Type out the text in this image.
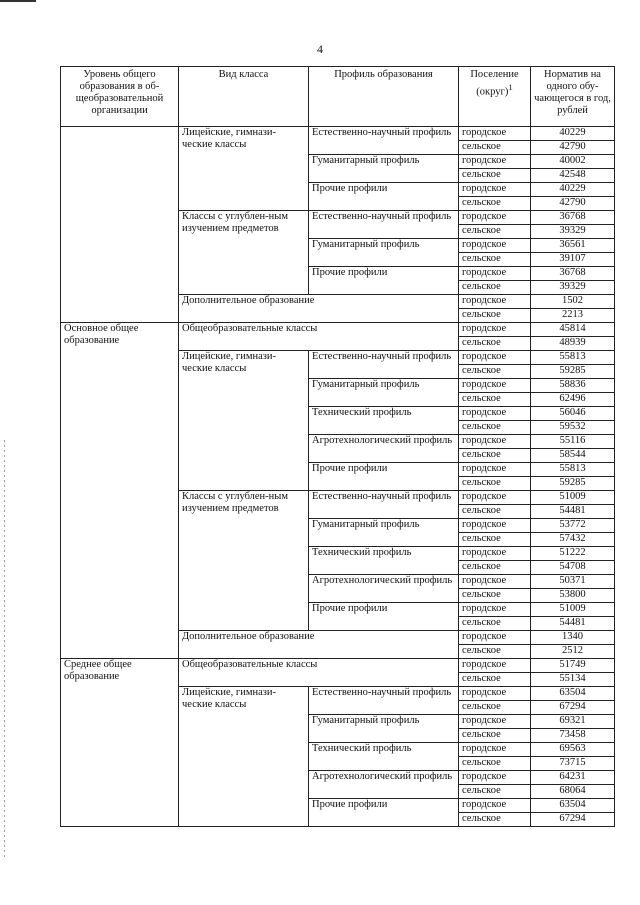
4
Уровень общего образования в об-щеобразовательной организации	Вид класса	Профиль образования	Поселение (округ)$^1$	Норматив на одного обу-чающегося в год, рублей
	Лицейские, гимнази-ческие классы	Естественно-научный профиль	городское	40229
			сельское	42790
		Гуманитарный профиль	городское	40002
			сельское	42548
		Прочие профили	городское	40229
			сельское	42790
	Классы с углублен-ным изучением предметов	Естественно-научный профиль	городское	36768
			сельское	39329
		Гуманитарный профиль	городское	36561
			сельское	39107
		Прочие профили	городское	36768
			сельское	39329
	Дополнительное образование		городское	1502
			сельское	2213
Основное общее образование	Общеобразовательные классы		городское	45814
			сельское	48939
	Лицейские, гимнази-ческие классы	Естественно-научный профиль	городское	55813
			сельское	59285
		Гуманитарный профиль	городское	58836
			сельское	62496
		Технический профиль	городское	56046
			сельское	59532
		Агротехнологический профиль	городское	55116
			сельское	58544
		Прочие профили	городское	55813
			сельское	59285
	Классы с углублен-ным изучением предметов	Естественно-научный профиль	городское	51009
			сельское	54481
		Гуманитарный профиль	городское	53772
			сельское	57432
		Технический профиль	городское	51222
			сельское	54708
		Агротехнологический профиль	городское	50371
			сельское	53800
		Прочие профили	городское	51009
			сельское	54481
	Дополнительное образование		городское	1340
			сельское	2512
Среднее общее образование	Общеобразовательные классы		городское	51749
			сельское	55134
	Лицейские, гимнази-ческие классы	Естественно-научный профиль	городское	63504
			сельское	67294
		Гуманитарный профиль	городское	69321
			сельское	73458
		Технический профиль	городское	69563
			сельское	73715
		Агротехнологический профиль	городское	64231
			сельское	68064
		Прочие профили	городское	63504
			сельское	67294
